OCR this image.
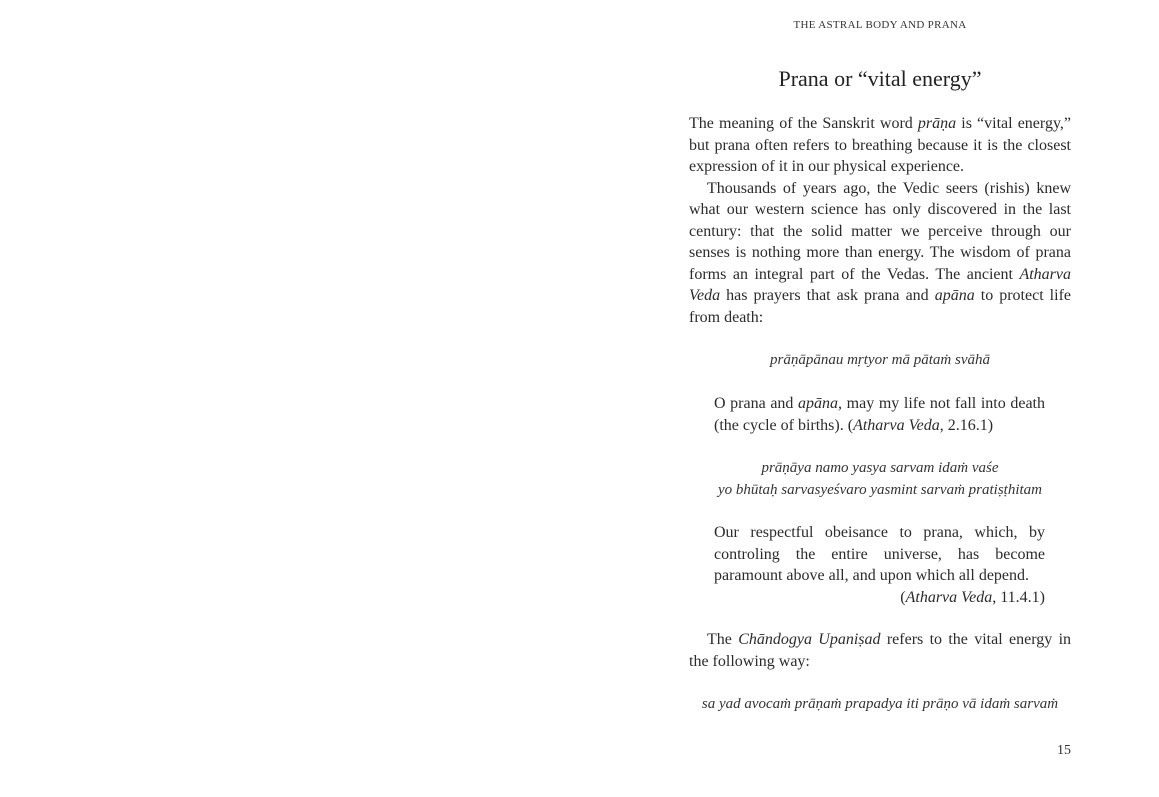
THE ASTRAL BODY AND PRANA
Prana or “vital energy”

The meaning of the Sanskrit word prāṇa is “vital energy,” but prana often refers to breathing because it is the closest expression of it in our physical experience.

Thousands of years ago, the Vedic seers (rishis) knew what our western science has only discovered in the last century: that the solid matter we perceive through our senses is nothing more than energy. The wisdom of prana forms an integral part of the Vedas. The ancient Atharva Veda has prayers that ask prana and apāna to protect life from death:

prāṇāpānau mṛtyor mā pātaṁ svāhā
O prana and apāna, may my life not fall into death (the cycle of births). (Atharva Veda, 2.16.1)
prāṇāya namo yasya sarvam idaṁ vaśe
yo bhūtaḥ sarvasyeśvaro yasmint sarvaṁ pratiṣṭhitam
Our respectful obeisance to prana, which, by controling the entire universe, has become paramount above all, and upon which all depend.
(Atharva Veda, 11.4.1)

The Chāndogya Upaniṣad refers to the vital energy in the following way:

sa yad avocaṁ prāṇaṁ prapadya iti prāṇo vā idaṁ sarvaṁ
15
